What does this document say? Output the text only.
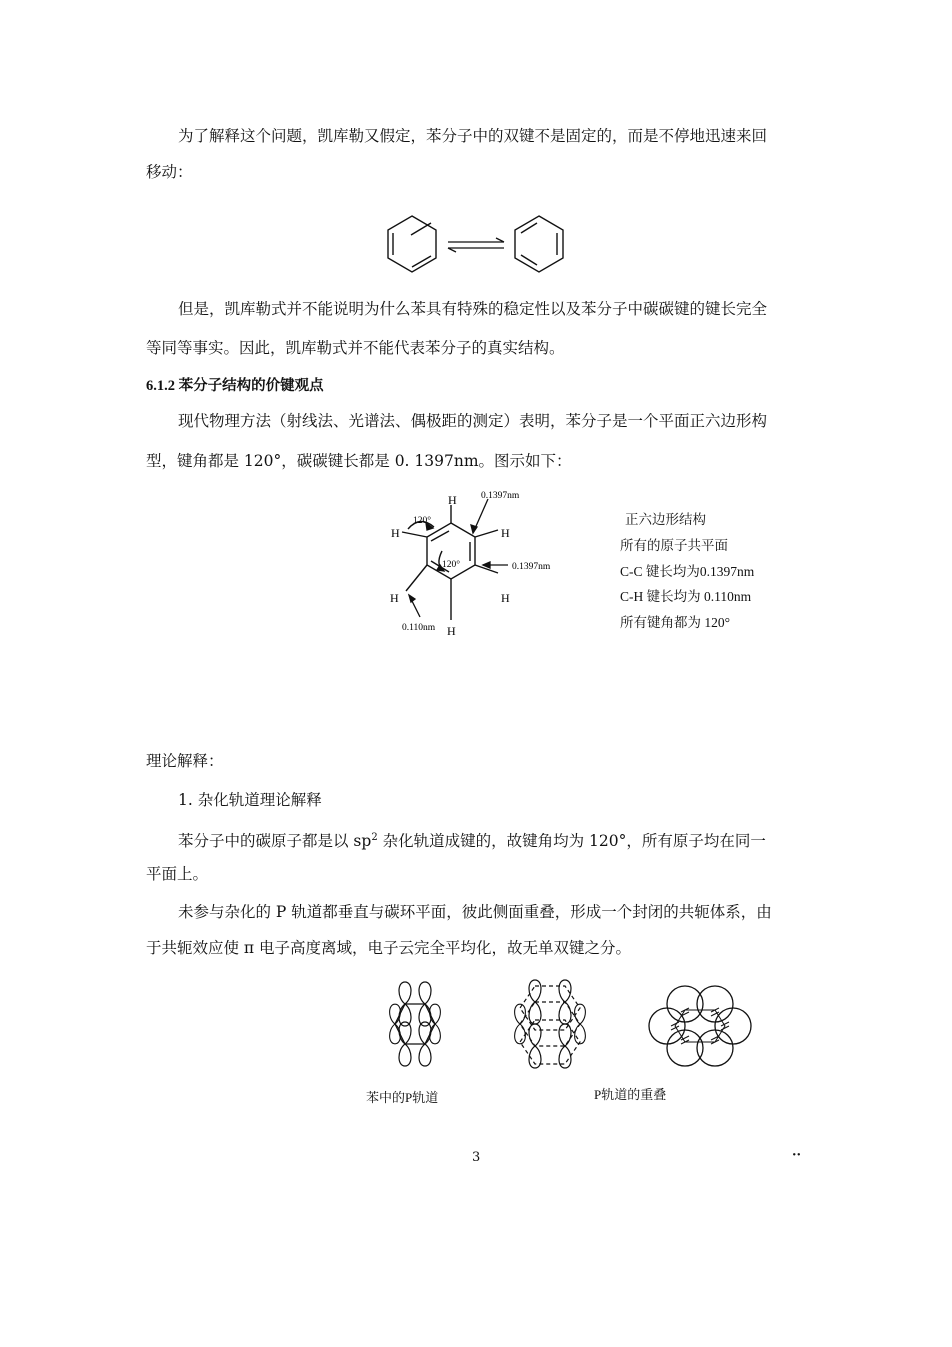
为了解释这个问题，凯库勒又假定，苯分子中的双键不是固定的，而是不停地迅速来回
移动：
但是，凯库勒式并不能说明为什么苯具有特殊的稳定性以及苯分子中碳碳键的键长完全
等同等事实。因此，凯库勒式并不能代表苯分子的真实结构。
6.1.2 苯分子结构的价键观点
现代物理方法（射线法、光谱法、偶极距的测定）表明，苯分子是一个平面正六边形构
型，键角都是 120°，碳碳键长都是 0. 1397nm。图示如下：
H
H
H
H
H
H
120°
120°
0.1397nm
0.1397nm
0.110nm
正六边形结构
所有的原子共平面
C-C 键长均为0.1397nm
C-H 键长均为 0.110nm
所有键角都为 120°
理论解释：
1. 杂化轨道理论解释
苯分子中的碳原子都是以 $sp^2$ 杂化轨道成键的，故键角均为 120°，所有原子均在同一
平面上。
未参与杂化的 P 轨道都垂直与碳环平面，彼此侧面重叠，形成一个封闭的共轭体系，由
于共轭效应使 π 电子高度离域，电子云完全平均化，故无单双键之分。
苯中的P轨道	P轨道的重叠
3	··
